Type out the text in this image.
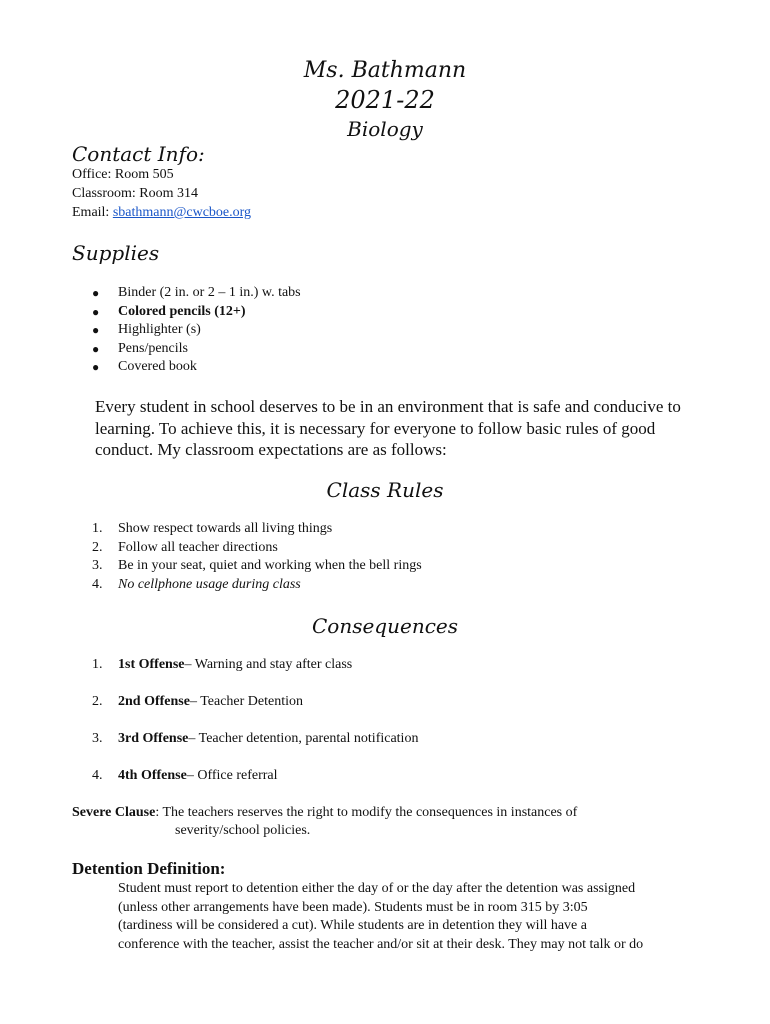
Ms. Bathmann
2021-22
Biology
Contact Info:
Office: Room 505
Classroom: Room 314
Email: sbathmann@cwcboe.org
Supplies
●	Binder (2 in. or 2 – 1 in.) w. tabs
●	Colored pencils (12+)
●	Highlighter (s)
●	Pens/pencils
●	Covered book
Every student in school deserves to be in an environment that is safe and conducive to learning. To achieve this, it is necessary for everyone to follow basic rules of good conduct. My classroom expectations are as follows:
Class Rules
1.	Show respect towards all living things
2.	Follow all teacher directions
3.	Be in your seat, quiet and working when the bell rings
4.	No cellphone usage during class
Consequences
1.	1st Offense – Warning and stay after class
2.	2nd Offense – Teacher Detention
3.	3rd Offense – Teacher detention, parental notification
4.	4th Offense – Office referral
Severe Clause: The teachers reserves the right to modify the consequences in instances of
severity/school policies.
Detention Definition:
Student must report to detention either the day of or the day after the detention was assigned
(unless other arrangements have been made). Students must be in room 315 by 3:05
(tardiness will be considered a cut). While students are in detention they will have a
conference with the teacher, assist the teacher and/or sit at their desk. They may not talk or do
